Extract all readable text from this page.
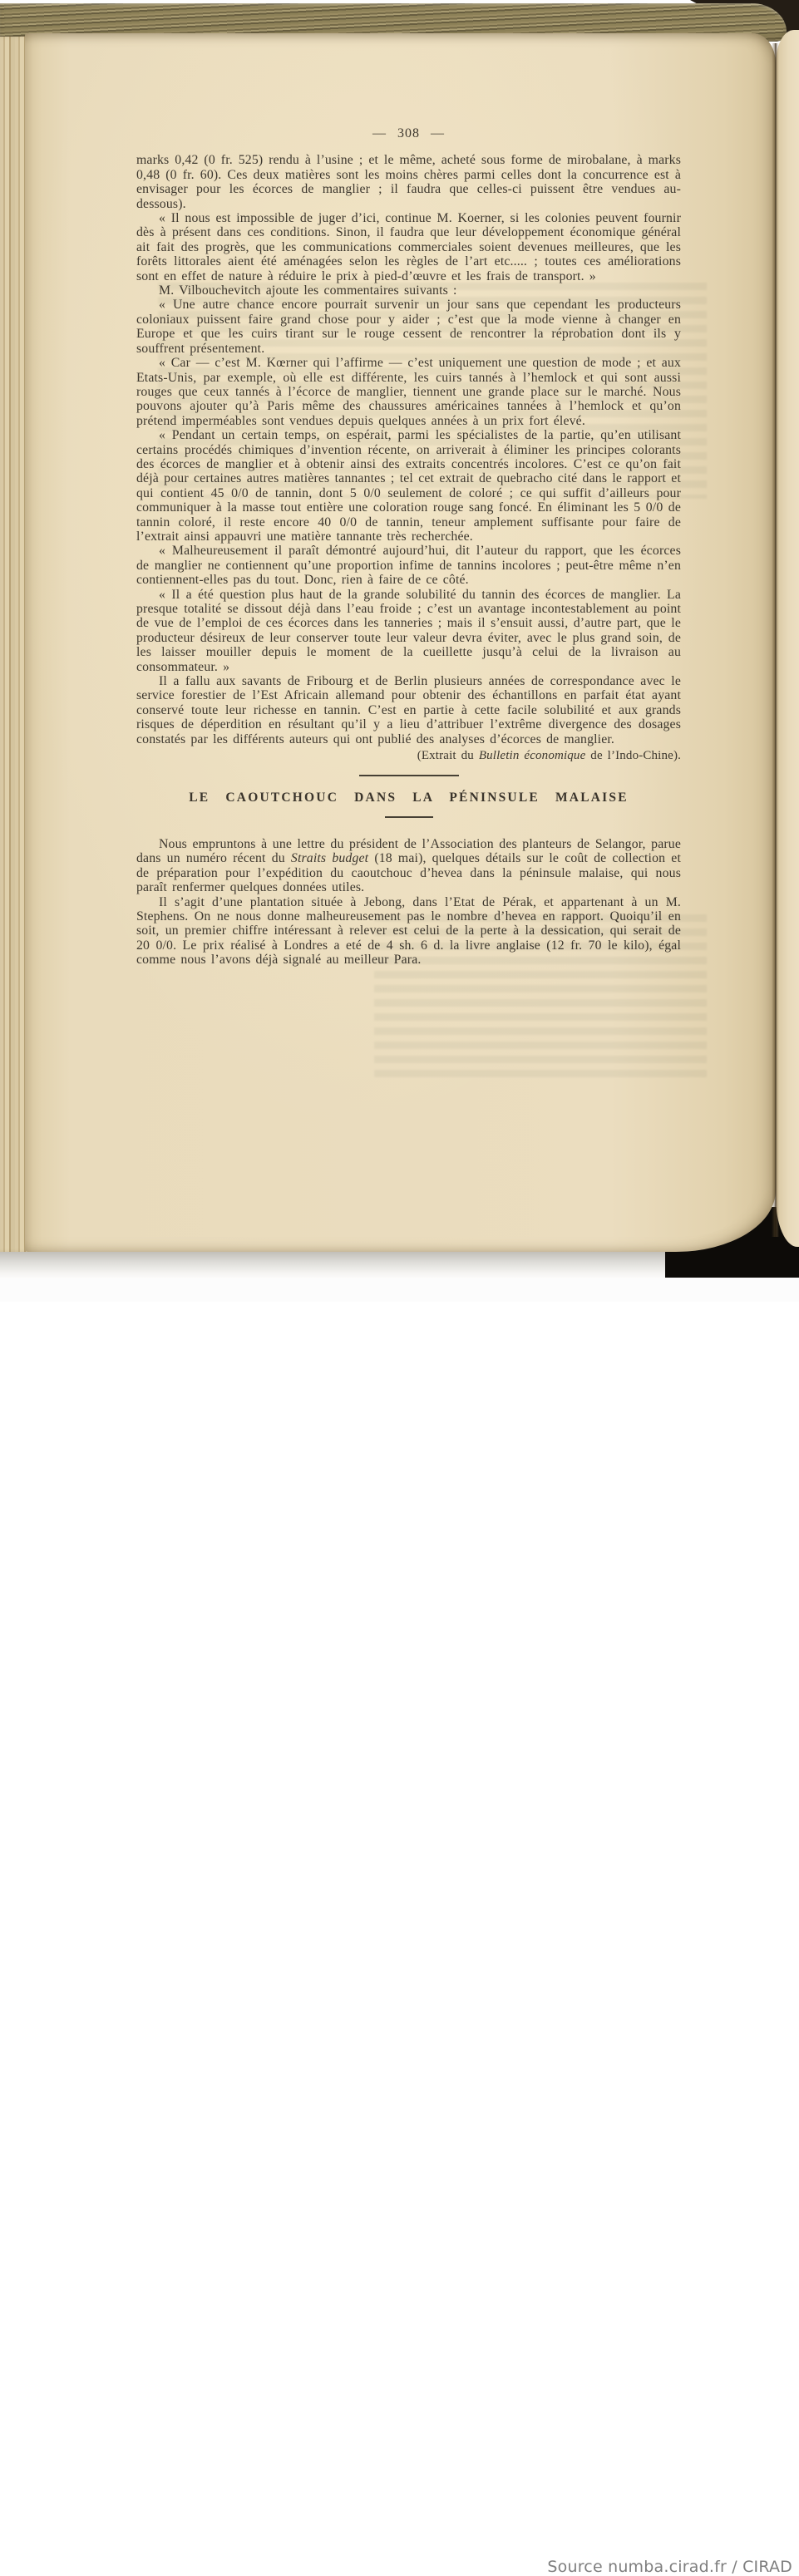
— 308 —

marks 0,42 (0 fr. 525) rendu à l’usine ; et le même, acheté sous forme de mirobalane, à marks 0,48 (0 fr. 60). Ces deux matières sont les moins chères parmi celles dont la concurrence est à envisager pour les écorces de manglier ; il faudra que celles-ci puissent être vendues au-dessous).

« Il nous est impossible de juger d’ici, continue M. Koerner, si les colonies peuvent fournir dès à présent dans ces conditions. Sinon, il faudra que leur développement économique général ait fait des progrès, que les communications commerciales soient devenues meilleures, que les forêts littorales aient été aménagées selon les règles de l’art etc..... ; toutes ces améliorations sont en effet de nature à réduire le prix à pied-d’œuvre et les frais de transport. »

M. Vilbouchevitch ajoute les commentaires suivants :

« Une autre chance encore pourrait survenir un jour sans que cependant les producteurs coloniaux puissent faire grand chose pour y aider ; c’est que la mode vienne à changer en Europe et que les cuirs tirant sur le rouge cessent de rencontrer la réprobation dont ils y souffrent présentement.

« Car — c’est M. Kœrner qui l’affirme — c’est uniquement une question de mode ; et aux Etats-Unis, par exemple, où elle est différente, les cuirs tannés à l’hemlock et qui sont aussi rouges que ceux tannés à l’écorce de manglier, tiennent une grande place sur le marché. Nous pouvons ajouter qu’à Paris même des chaussures américaines tannées à l’hemlock et qu’on prétend imperméables sont vendues depuis quelques années à un prix fort élevé.

« Pendant un certain temps, on espérait, parmi les spécialistes de la partie, qu’en utilisant certains procédés chimiques d’invention récente, on arriverait à éliminer les principes colorants des écorces de manglier et à obtenir ainsi des extraits concentrés incolores. C’est ce qu’on fait déjà pour certaines autres matières tannantes ; tel cet extrait de quebracho cité dans le rapport et qui contient 45 0/0 de tannin, dont 5 0/0 seulement de coloré ; ce qui suffit d’ailleurs pour communiquer à la masse tout entière une coloration rouge sang foncé. En éliminant les 5 0/0 de tannin coloré, il reste encore 40 0/0 de tannin, teneur amplement suffisante pour faire de l’extrait ainsi appauvri une matière tannante très recherchée.

« Malheureusement il paraît démontré aujourd’hui, dit l’auteur du rapport, que les écorces de manglier ne contiennent qu’une proportion infime de tannins incolores ; peut-être même n’en contiennent-elles pas du tout. Donc, rien à faire de ce côté.

« Il a été question plus haut de la grande solubilité du tannin des écorces de manglier. La presque totalité se dissout déjà dans l’eau froide ; c’est un avantage incontestablement au point de vue de l’emploi de ces écorces dans les tanneries ; mais il s’ensuit aussi, d’autre part, que le producteur désireux de leur conserver toute leur valeur devra éviter, avec le plus grand soin, de les laisser mouiller depuis le moment de la cueillette jusqu’à celui de la livraison au consommateur. »

Il a fallu aux savants de Fribourg et de Berlin plusieurs années de correspondance avec le service forestier de l’Est Africain allemand pour obtenir des échantillons en parfait état ayant conservé toute leur richesse en tannin. C’est en partie à cette facile solubilité et aux grands risques de déperdition en résultant qu’il y a lieu d’attribuer l’extrême divergence des dosages constatés par les différents auteurs qui ont publié des analyses d’écorces de manglier.

(Extrait du Bulletin économique de l’Indo-Chine).

LE CAOUTCHOUC DANS LA PÉNINSULE MALAISE

Nous empruntons à une lettre du président de l’Association des planteurs de Selangor, parue dans un numéro récent du Straits budget (18 mai), quelques détails sur le coût de collection et de préparation pour l’expédition du caoutchouc d’hevea dans la péninsule malaise, qui nous paraît renfermer quelques données utiles.

Il s’agit d’une plantation située à Jebong, dans l’Etat de Pérak, et appartenant à un M. Stephens. On ne nous donne malheureusement pas le nombre d’hevea en rapport. Quoiqu’il en soit, un premier chiffre intéressant à relever est celui de la perte à la dessication, qui serait de 20 0/0. Le prix réalisé à Londres a eté de 4 sh. 6 d. la livre anglaise (12 fr. 70 le kilo), égal comme nous l’avons déjà signalé au meilleur Para.

Source numba.cirad.fr / CIRAD
